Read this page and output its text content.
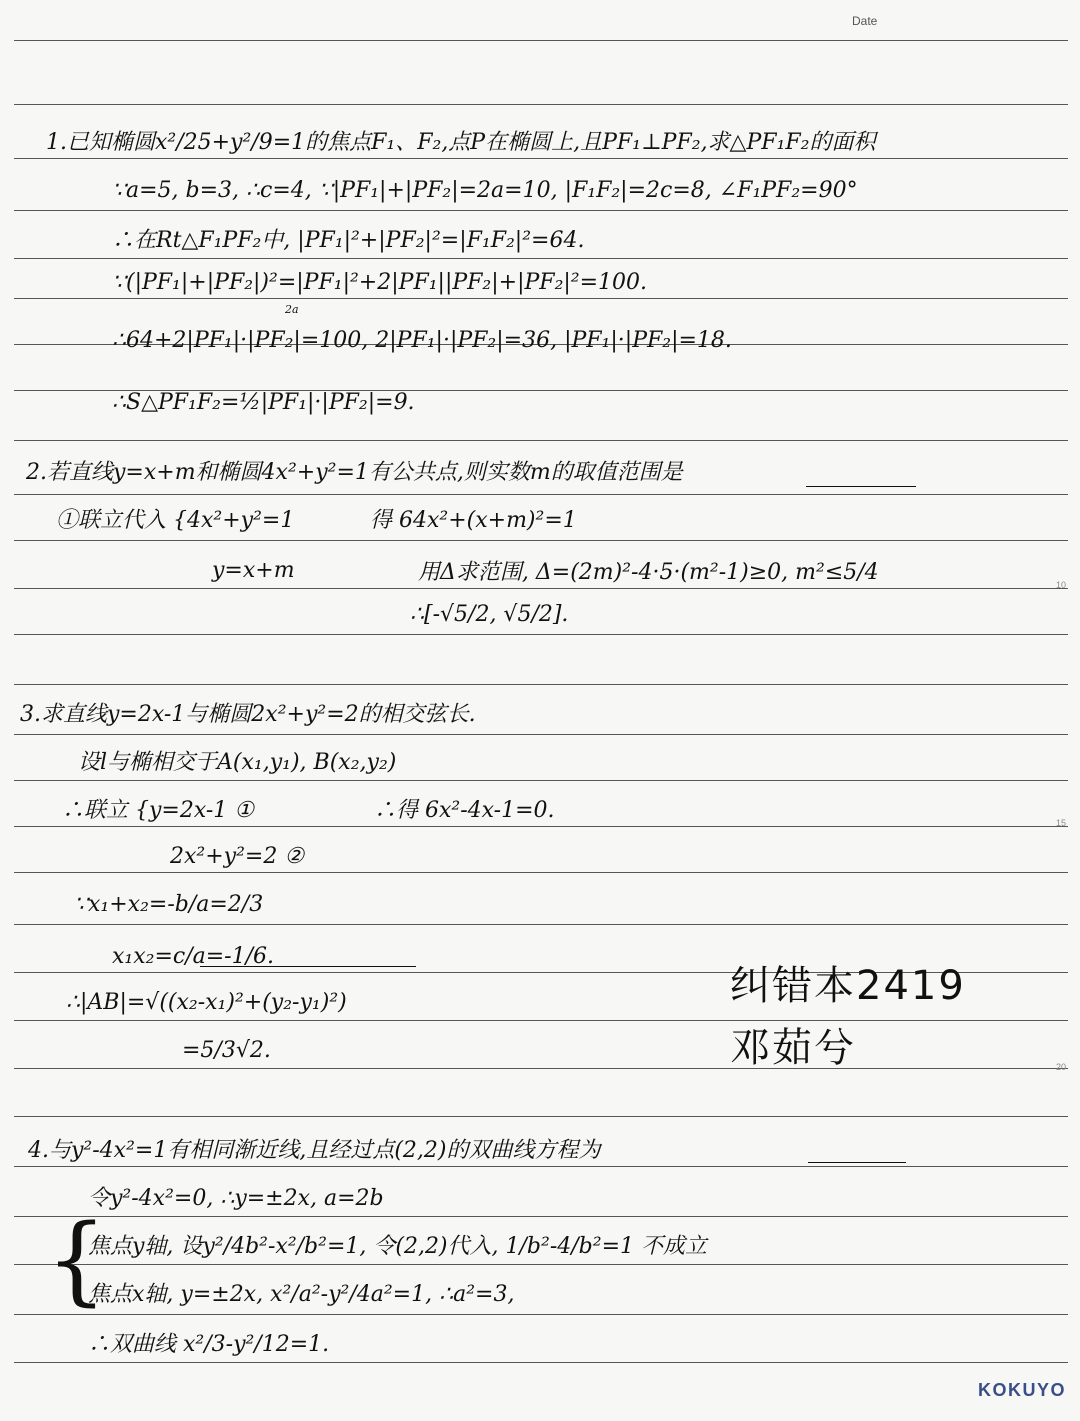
Date
10
15
20
1.已知椭圆x²/25+y²/9=1的焦点F₁、F₂,点P在椭圆上,且PF₁⊥PF₂,求△PF₁F₂的面积
∵a=5, b=3, ∴c=4, ∵|PF₁|+|PF₂|=2a=10, |F₁F₂|=2c=8, ∠F₁PF₂=90°
∴在Rt△F₁PF₂中, |PF₁|²+|PF₂|²=|F₁F₂|²=64.
∵(|PF₁|+|PF₂|)²=|PF₁|²+2|PF₁||PF₂|+|PF₂|²=100.
2a
∴64+2|PF₁|·|PF₂|=100, 2|PF₁|·|PF₂|=36, |PF₁|·|PF₂|=18.
∴S△PF₁F₂=½|PF₁|·|PF₂|=9.
2.若直线y=x+m和椭圆4x²+y²=1有公共点,则实数m的取值范围是
①联立代入 {4x²+y²=1
y=x+m
得 64x²+(x+m)²=1
用Δ求范围, Δ=(2m)²-4·5·(m²-1)≥0, m²≤5/4
∴[-√5/2, √5/2].
3.求直线y=2x-1与椭圆2x²+y²=2的相交弦长.
设l与椭相交于A(x₁,y₁), B(x₂,y₂)
∴联立 {y=2x-1 ①
2x²+y²=2 ②
∴得 6x²-4x-1=0.
∵x₁+x₂=-b/a=2/3
x₁x₂=c/a=-1/6.
∴|AB|=√((x₂-x₁)²+(y₂-y₁)²)
=5/3√2.
纠错本2419
邓茹兮
4.与y²-4x²=1有相同渐近线,且经过点(2,2)的双曲线方程为
令y²-4x²=0, ∴y=±2x, a=2b
{
焦点y轴, 设y²/4b²-x²/b²=1, 令(2,2)代入, 1/b²-4/b²=1 不成立
焦点x轴, y=±2x, x²/a²-y²/4a²=1, ∴a²=3,
∴双曲线 x²/3-y²/12=1.
KOKUYO
